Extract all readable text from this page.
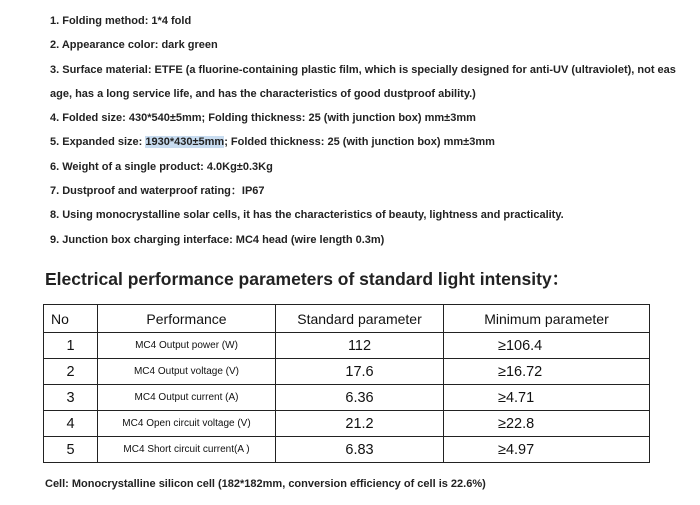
1. Folding method: 1*4 fold
2. Appearance color: dark green
3. Surface material: ETFE (a fluorine-containing plastic film, which is specially designed for anti-UV (ultraviolet), not eas
age, has a long service life, and has the characteristics of good dustproof ability.)
4. Folded size: 430*540±5mm; Folding thickness: 25 (with junction box) mm±3mm
5. Expanded size: 1930*430±5mm; Folded thickness: 25 (with junction box) mm±3mm
6. Weight of a single product: 4.0Kg±0.3Kg
7. Dustproof and waterproof rating：IP67
8. Using monocrystalline solar cells, it has the characteristics of beauty, lightness and practicality.
9. Junction box charging interface: MC4 head (wire length 0.3m)
Electrical performance parameters of standard light intensity：
No	Performance	Standard parameter	Minimum parameter
1	MC4 Output power (W)	112	≥106.4
2	MC4 Output voltage (V)	17.6	≥16.72
3	MC4 Output current (A)	6.36	≥4.71
4	MC4 Open circuit voltage (V)	21.2	≥22.8
5	MC4 Short circuit current(A )	6.83	≥4.97

Cell: Monocrystalline silicon cell (182*182mm, conversion efficiency of cell is 22.6%)
